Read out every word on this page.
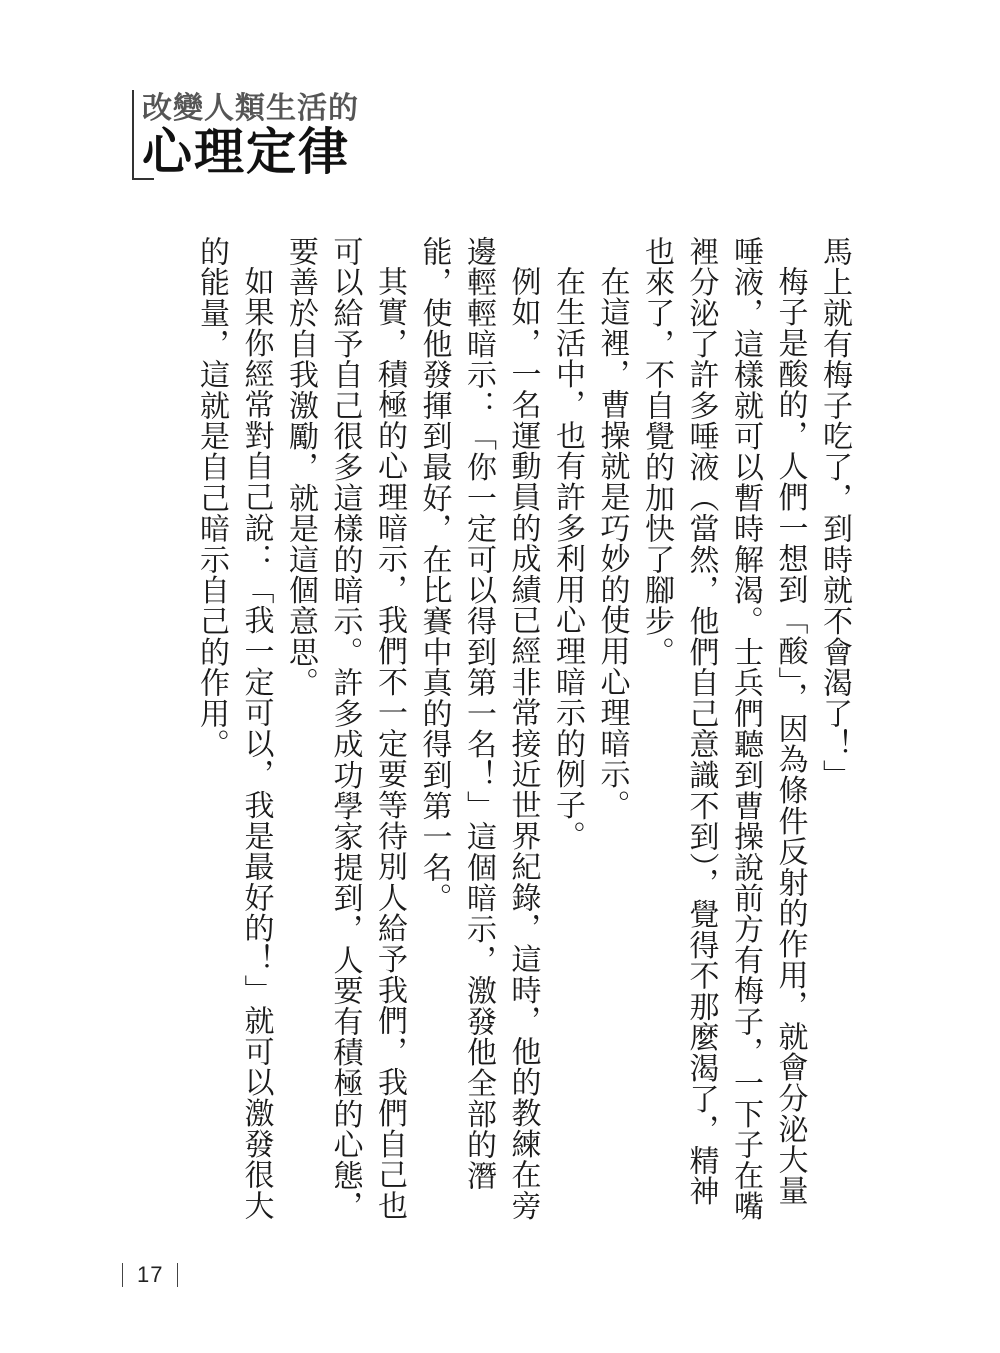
改變人類生活的
心理定律

馬上就有梅子吃了，到時就不會渴了！」

梅子是酸的，人們一想到「酸」，因為條件反射的作用，就會分泌大量唾液，這樣就可以暫時解渴。士兵們聽到曹操說前方有梅子，一下子在嘴裡分泌了許多唾液（當然，他們自己意識不到），覺得不那麼渴了，精神也來了，不自覺的加快了腳步。

在這裡，曹操就是巧妙的使用心理暗示。

在生活中，也有許多利用心理暗示的例子。

例如，一名運動員的成績已經非常接近世界紀錄，這時，他的教練在旁邊輕輕暗示：「你一定可以得到第一名！」這個暗示，激發他全部的潛能，使他發揮到最好，在比賽中真的得到第一名。

其實，積極的心理暗示，我們不一定要等待別人給予我們，我們自己也可以給予自己很多這樣的暗示。許多成功學家提到，人要有積極的心態，要善於自我激勵，就是這個意思。

如果你經常對自己說：「我一定可以，我是最好的！」就可以激發很大的能量，這就是自己暗示自己的作用。

17
